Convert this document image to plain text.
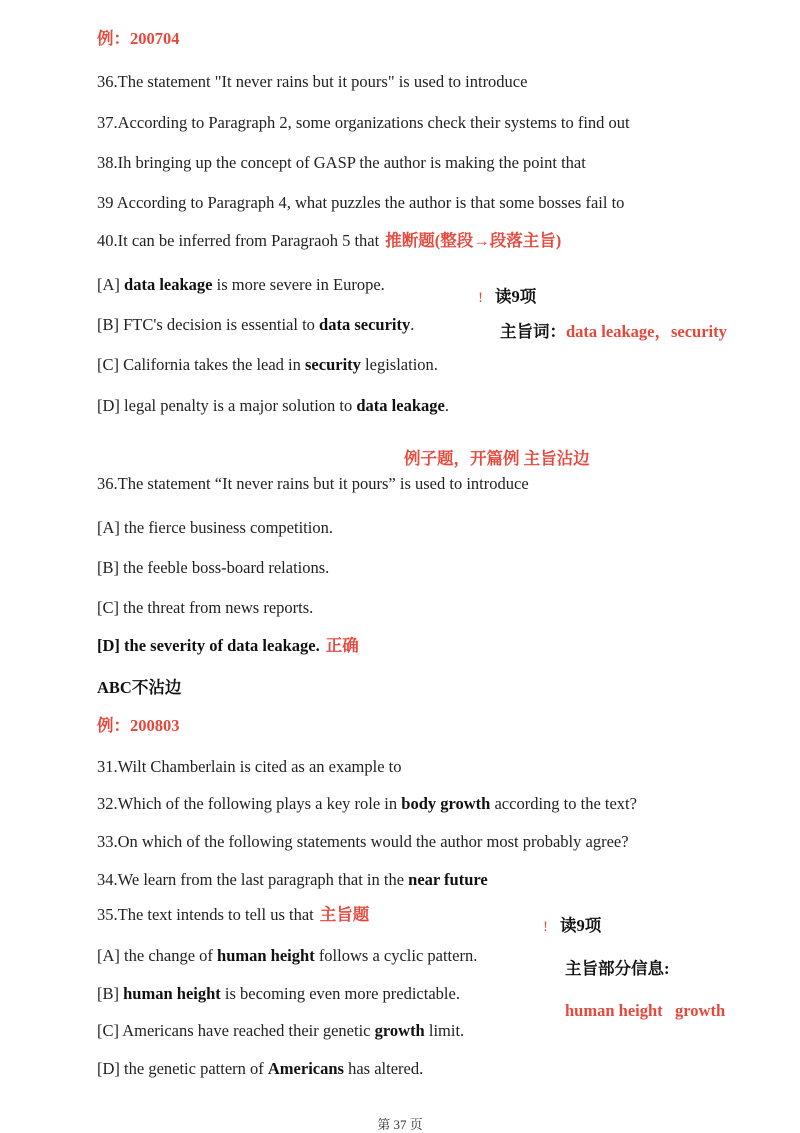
例：200704
36.The statement "It never rains but it pours" is used to introduce
37.According to Paragraph 2, some organizations check their systems to find out
38.Ih bringing up the concept of GASP the author is making the point that
39 According to Paragraph 4, what puzzles the author is that some bosses fail to
40.It can be inferred from Paragraoh 5 that 推断题(整段→段落主旨)
[A] data leakage is more severe in Europe.
[B] FTC's decision is essential to data security.
[C] California takes the lead in security legislation.
[D] legal penalty is a major solution to data leakage.
! 读9项
主旨词：data leakage，security
例子题，开篇例 主旨沾边
36.The statement “It never rains but it pours” is used to introduce
[A] the fierce business competition.
[B] the feeble boss-board relations.
[C] the threat from news reports.
[D] the severity of data leakage. 正确
ABC不沾边
例：200803
31.Wilt Chamberlain is cited as an example to
32.Which of the following plays a key role in body growth according to the text?
33.On which of the following statements would the author most probably agree?
34.We learn from the last paragraph that in the near future
35.The text intends to tell us that 主旨题
[A] the change of human height follows a cyclic pattern.
[B] human height is becoming even more predictable.
[C] Americans have reached their genetic growth limit.
[D] the genetic pattern of Americans has altered.
! 读9项
主旨部分信息:
human height   growth
第 37 页
